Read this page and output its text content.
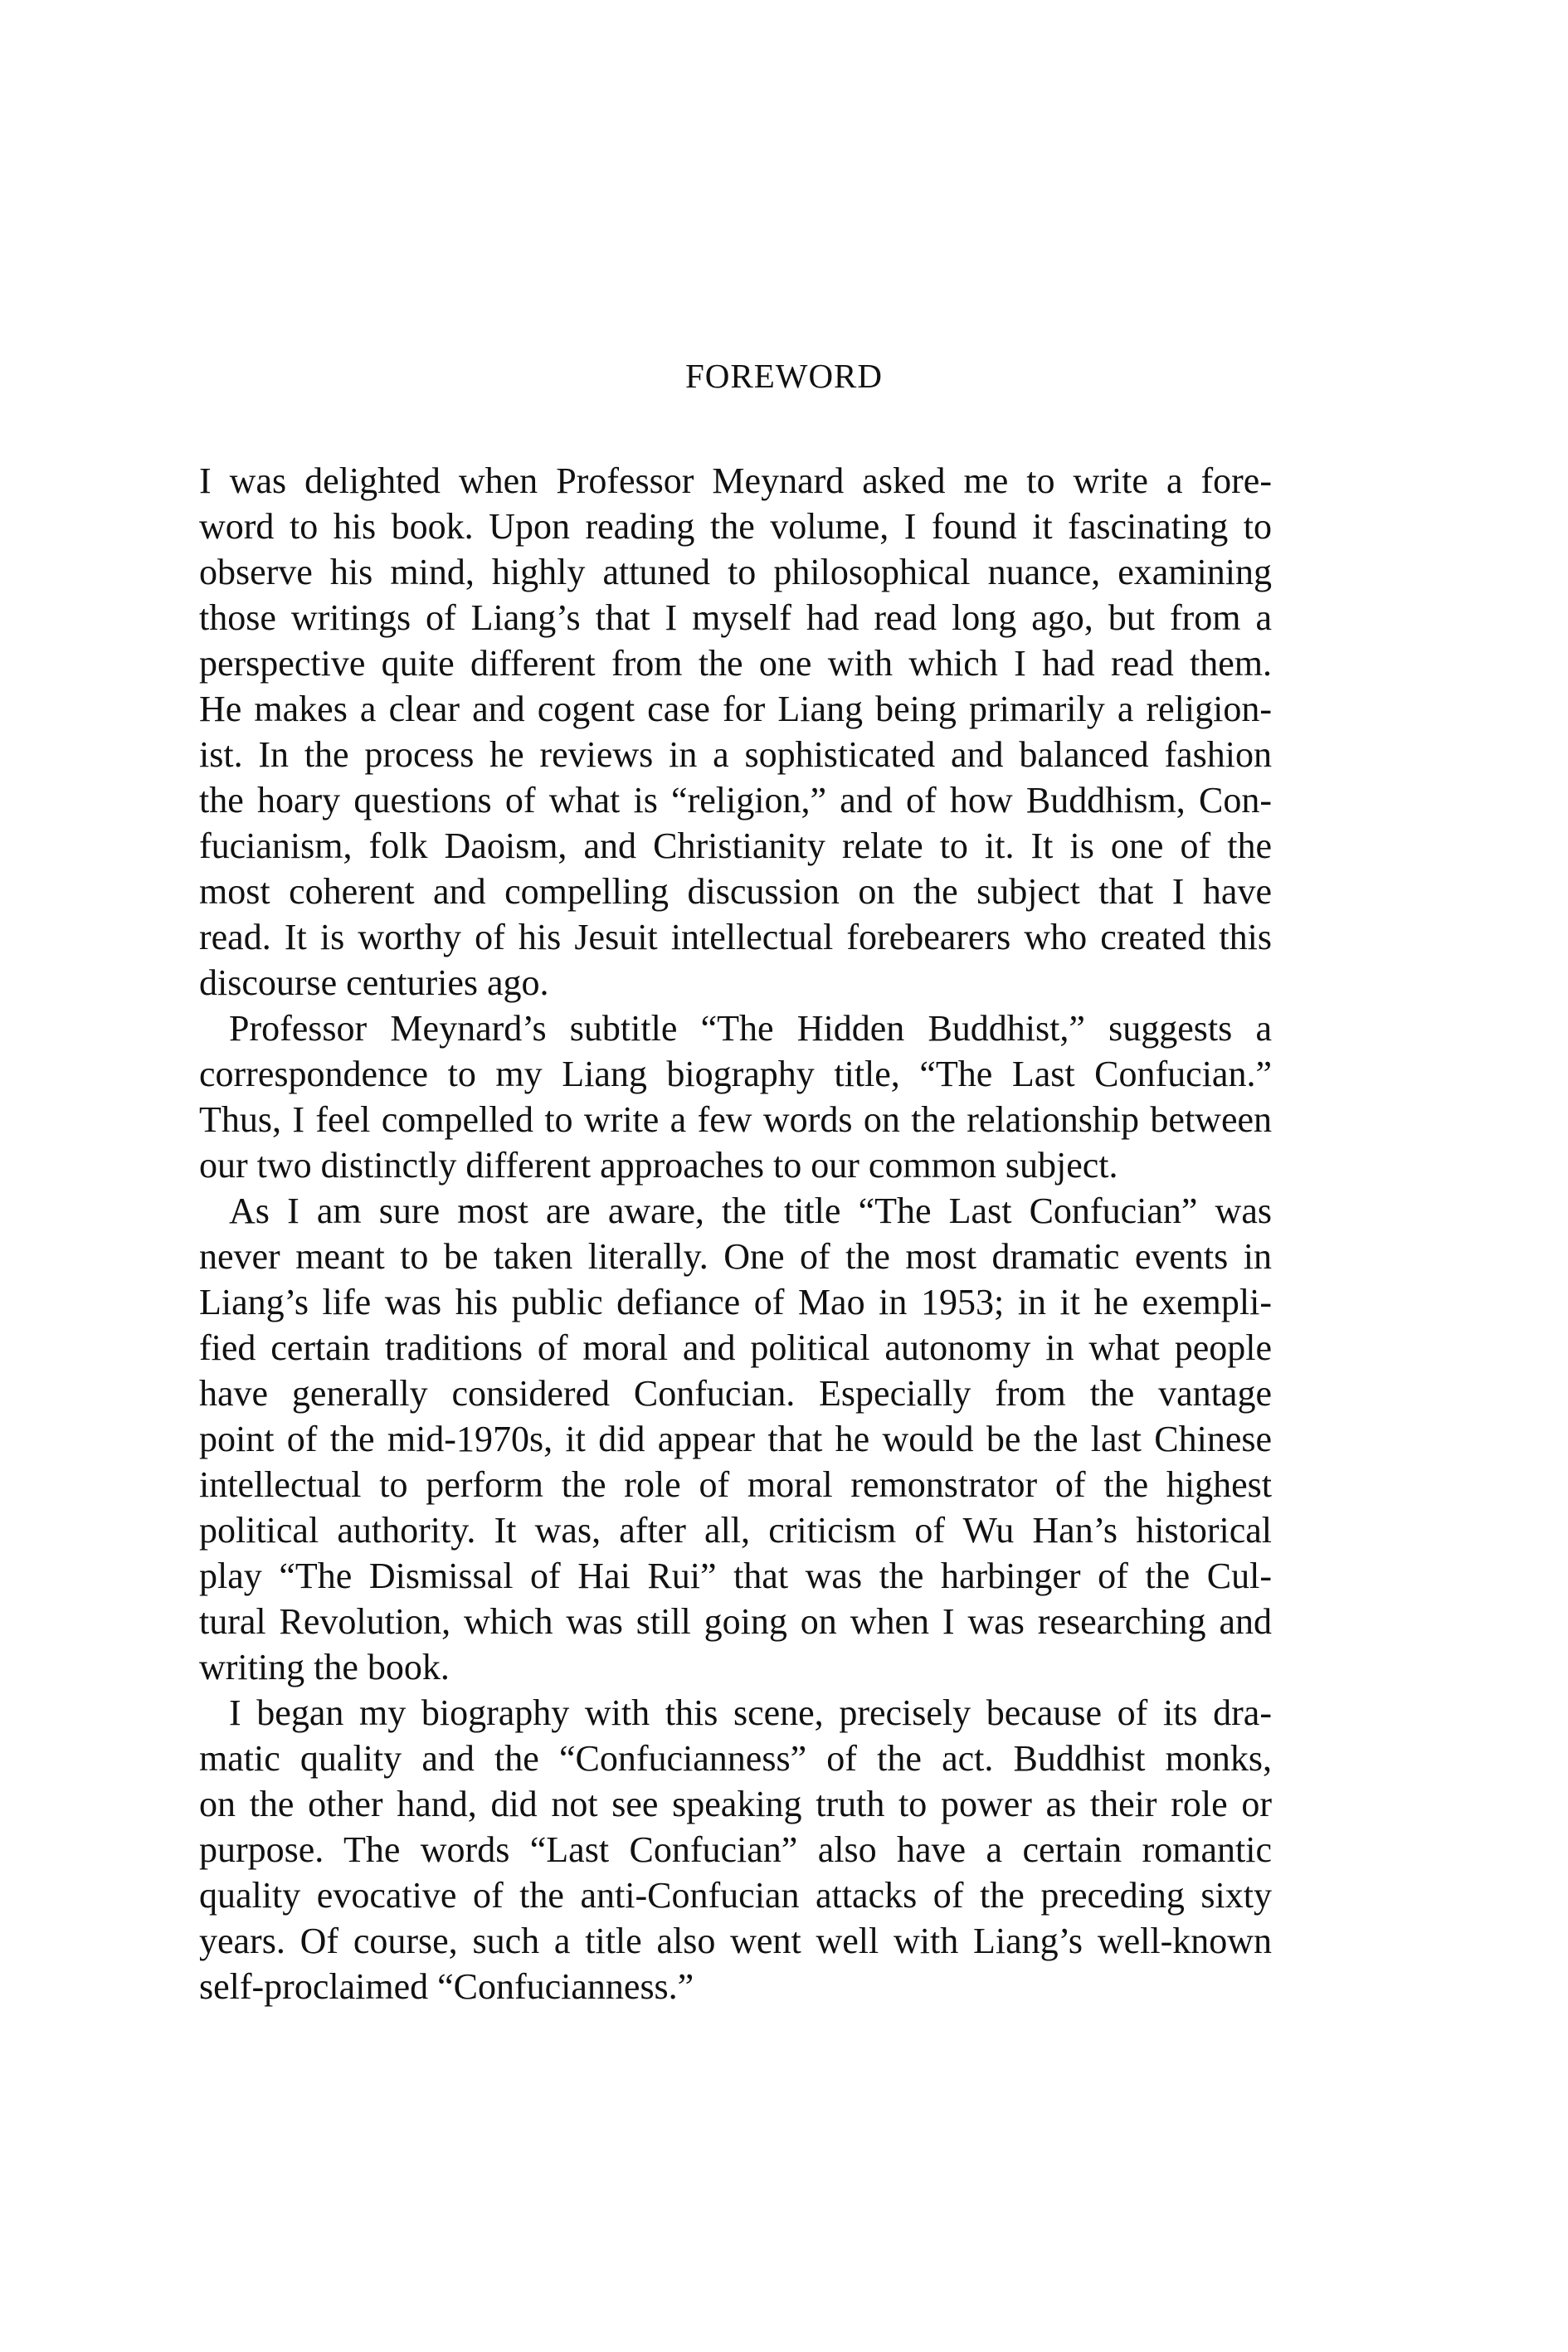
FOREWORD

I was delighted when Professor Meynard asked me to write a fore-
word to his book. Upon reading the volume, I found it fascinating to
observe his mind, highly attuned to philosophical nuance, examining
those writings of Liang’s that I myself had read long ago, but from a
perspective quite different from the one with which I had read them.
He makes a clear and cogent case for Liang being primarily a religion-
ist. In the process he reviews in a sophisticated and balanced fashion
the hoary questions of what is “religion,” and of how Buddhism, Con-
fucianism, folk Daoism, and Christianity relate to it. It is one of the
most coherent and compelling discussion on the subject that I have
read. It is worthy of his Jesuit intellectual forebearers who created this
discourse centuries ago.

Professor Meynard’s subtitle “The Hidden Buddhist,” suggests a
correspondence to my Liang biography title, “The Last Confucian.”
Thus, I feel compelled to write a few words on the relationship between
our two distinctly different approaches to our common subject.

As I am sure most are aware, the title “The Last Confucian” was
never meant to be taken literally. One of the most dramatic events in
Liang’s life was his public defiance of Mao in 1953; in it he exempli-
fied certain traditions of moral and political autonomy in what people
have generally considered Confucian. Especially from the vantage
point of the mid-1970s, it did appear that he would be the last Chinese
intellectual to perform the role of moral remonstrator of the highest
political authority. It was, after all, criticism of Wu Han’s historical
play “The Dismissal of Hai Rui” that was the harbinger of the Cul-
tural Revolution, which was still going on when I was researching and
writing the book.

I began my biography with this scene, precisely because of its dra-
matic quality and the “Confucianness” of the act. Buddhist monks,
on the other hand, did not see speaking truth to power as their role or
purpose. The words “Last Confucian” also have a certain romantic
quality evocative of the anti-Confucian attacks of the preceding sixty
years. Of course, such a title also went well with Liang’s well-known
self-proclaimed “Confucianness.”
